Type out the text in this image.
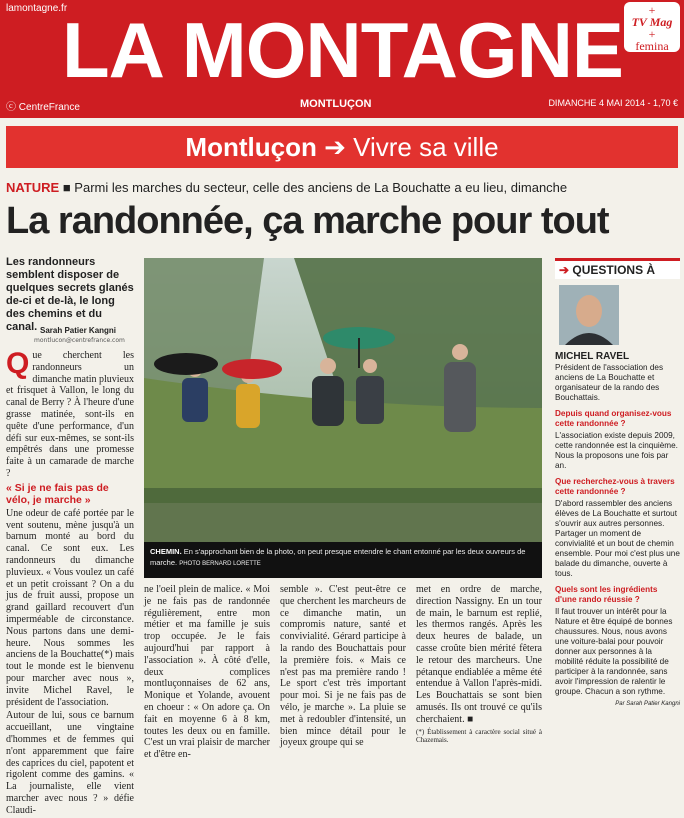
lamontagne.fr
LA MONTAGNE	+
TV Mag
+
femina
ⓒ CentreFrance	MONTLUÇON	DIMANCHE 4 MAI 2014 - 1,70 €
Montluçon ➔ Vivre sa ville
NATURE ■ Parmi les marches du secteur, celle des anciens de La Bouchatte a eu lieu, dimanche
La randonnée, ça marche pour tout
Les randonneurs semblent disposer de quelques secrets glanés de-ci et de-là, le long des chemins et du canal. Sarah Patier Kangni
montlucon@centrefrance.com

Que cherchent les randonneurs un dimanche matin pluvieux et frisquet à Vallon, le long du canal de Berry ? À l'heure d'une grasse matinée, sont-ils en quête d'une performance, d'un défi sur eux-mêmes, se sont-ils empêtrés dans une promesse faite à un camarade de marche ?

« Si je ne fais pas de vélo, je marche »

Une odeur de café portée par le vent soutenu, mène jusqu'à un barnum monté au bord du canal. Ce sont eux. Les randonneurs du dimanche pluvieux. « Vous voulez un café et un petit croissant ? On a du jus de fruit aussi, propose un grand gaillard recouvert d'un imperméable de circonstance. Nous partons dans une demi-heure. Nous sommes les anciens de la Bouchatte(*) mais tout le monde est le bienvenu pour marcher avec nous », invite Michel Ravel, le président de l'association.

Autour de lui, sous ce barnum accueillant, une vingtaine d'hommes et de femmes qui n'ont apparemment que faire des caprices du ciel, papotent et rigolent comme des gamins. « La journaliste, elle vient marcher avec nous ? » défie Claudi-

CHEMIN. En s'approchant bien de la photo, on peut presque entendre le chant entonné par les deux ouvreurs de marche. PHOTO BERNARD LORETTE

ne l'oeil plein de malice. « Moi je ne fais pas de randonnée régulièrement, entre mon métier et ma famille je suis trop occupée. Je le fais aujourd'hui par rapport à l'association ». À côté d'elle, deux complices montluçonnaises de 62 ans, Monique et Yolande, avouent en choeur : « On adore ça. On fait en moyenne 6 à 8 km, toutes les deux ou en famille. C'est un vrai plaisir de marcher et d'être en-

semble ». C'est peut-être ce que cherchent les marcheurs de ce dimanche matin, un compromis nature, santé et convivialité. Gérard participe à la rando des Bouchattais pour la première fois. « Mais ce n'est pas ma première rando ! Le sport c'est très important pour moi. Si je ne fais pas de vélo, je marche ». La pluie se met à redoubler d'intensité, un bien mince détail pour le joyeux groupe qui se

met en ordre de marche, direction Nassigny. En un tour de main, le barnum est replié, les thermos rangés. Après les deux heures de balade, un casse croûte bien mérité fêtera le retour des marcheurs. Une pétanque endiablée a même été entendue à Vallon l'après-midi. Les Bouchattais se sont bien amusés. Ils ont trouvé ce qu'ils cherchaient. ■

(*) Établissement à caractère social situé à Chazemais.

➔ QUESTIONS À
MICHEL RAVEL
Président de l'association des anciens de La Bouchatte et organisateur de la rando des Bouchattais.
Depuis quand organisez-vous cette randonnée ?
L'association existe depuis 2009, cette randonnée est la cinquième. Nous la proposons une fois par an.
Que recherchez-vous à travers cette randonnée ?
D'abord rassembler des anciens élèves de La Bouchatte et surtout s'ouvrir aux autres personnes. Partager un moment de convivialité et un bout de chemin ensemble. Pour moi c'est plus une balade du dimanche, ouverte à tous.
Quels sont les ingrédients d'une rando réussie ?
Il faut trouver un intérêt pour la Nature et être équipé de bonnes chaussures. Nous, nous avons une voiture-balai pour pouvoir donner aux personnes à la mobilité réduite la possibilité de participer à la randonnée, sans avoir l'impression de ralentir le groupe. Chacun a son rythme.
Par Sarah Patier Kangni
